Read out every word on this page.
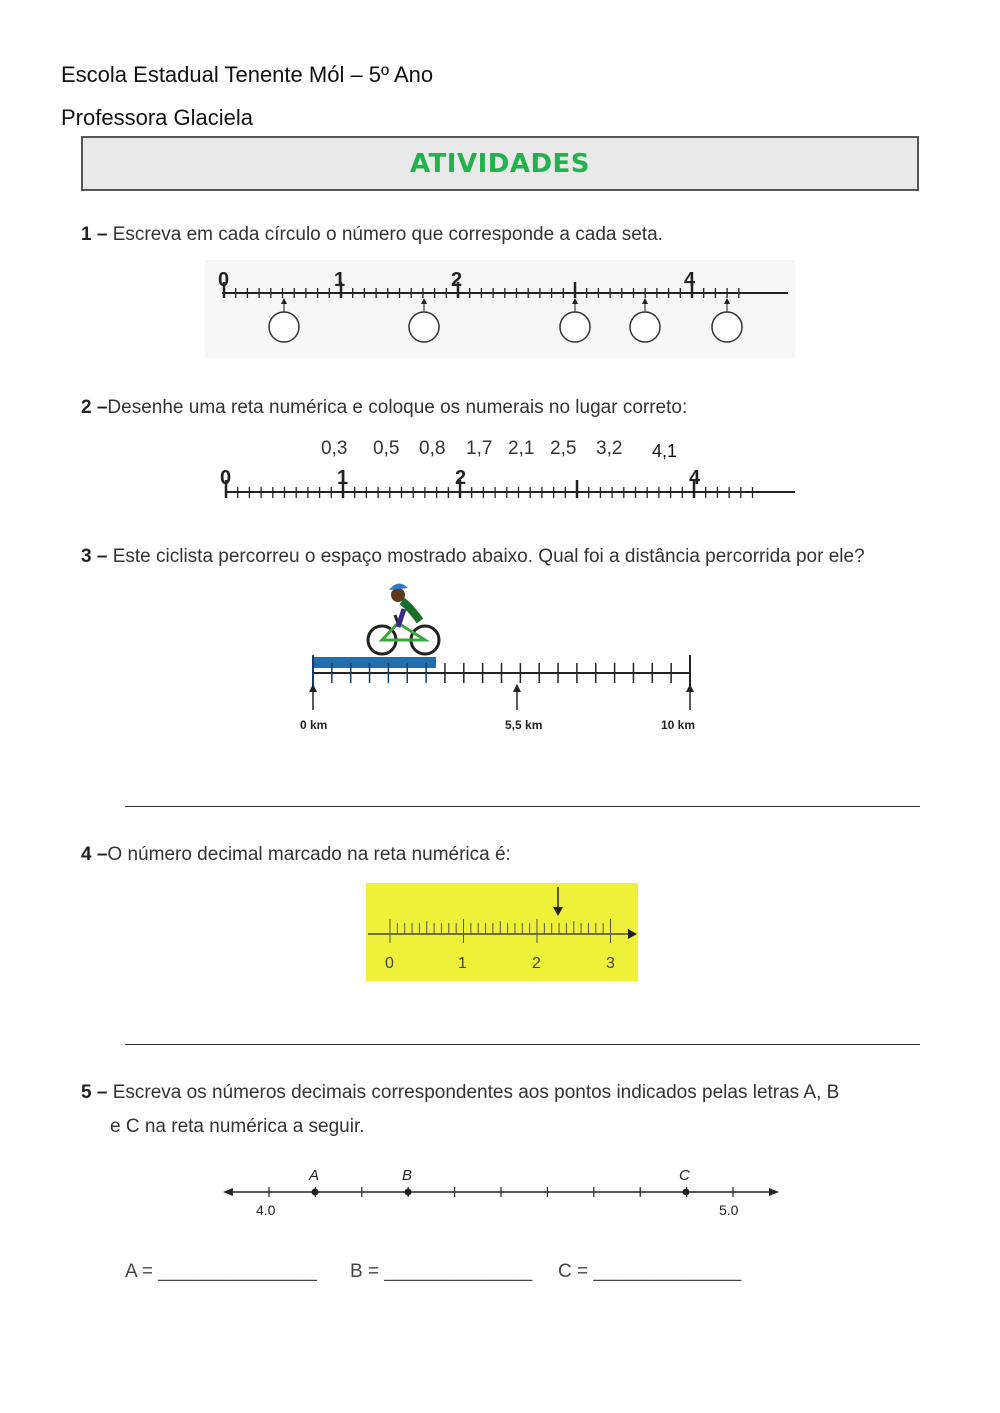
Escola Estadual Tenente Mól – 5º Ano
Professora Glaciela
ATIVIDADES
1 – Escreva em cada círculo o número que corresponde a cada seta.
0	1	2	4
2 –Desenhe uma reta numérica e coloque os numerais no lugar correto:
0,3 0,5 0,8 1,7 2,1 2,5 3,2 4,1
0	1	2	4
3 – Este ciclista percorreu o espaço mostrado abaixo. Qual foi a distância percorrida por ele?
0 km	5,5 km	10 km
4 –O número decimal marcado na reta numérica é:
0	1	2	3
5 – Escreva os números decimais correspondentes aos pontos indicados pelas letras A, B
e C na reta numérica a seguir.
A	B	C
4.0	5.0
A = _______________ B = ______________ C = ______________
